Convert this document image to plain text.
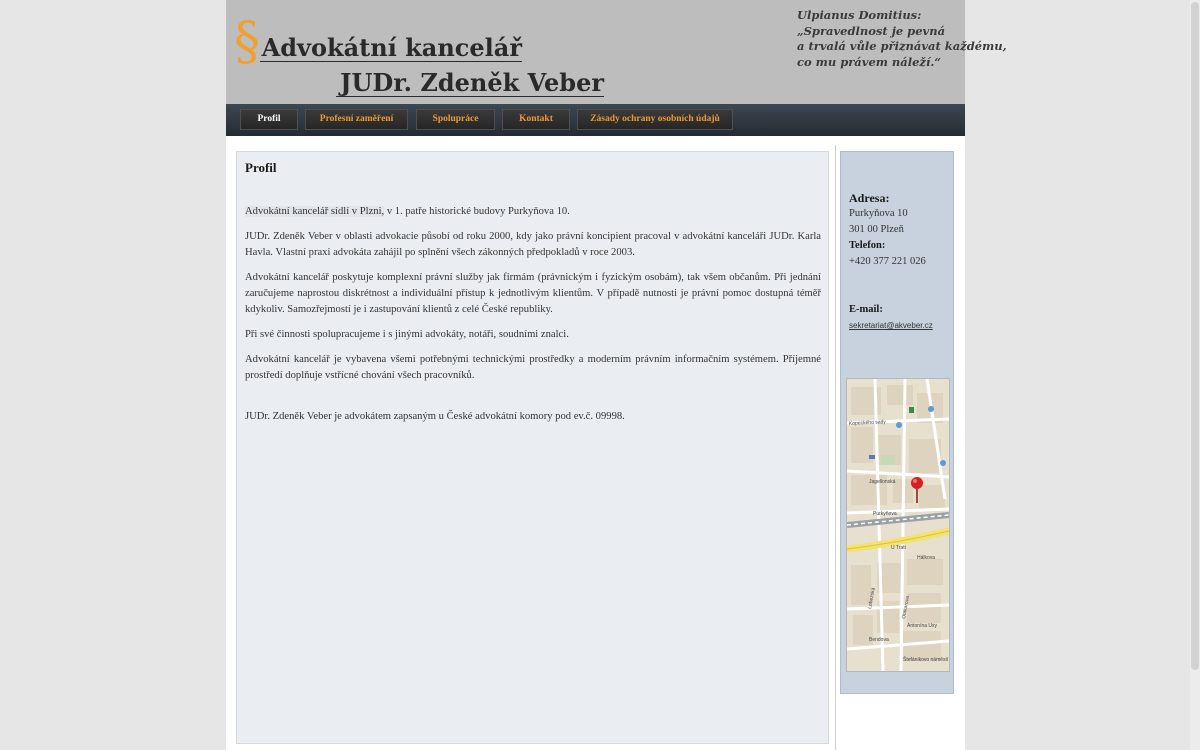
§ Advokátní kancelář
JUDr. Zdeněk Veber
Ulpianus Domitius:
„Spravedlnost je pevná
a trvalá vůle přiznávat každému,
co mu právem náleží.“
Profil	Profesní zaměření	Spolupráce	Kontakt	Zásady ochrany osobních údajů
Profil

Advokátní kancelář sídlí v Plzni, v 1. patře historické budovy Purkyňova 10.

JUDr. Zdeněk Veber v oblasti advokacie působí od roku 2000, kdy jako právní koncipient pracoval v advokátní kanceláři JUDr. Karla Havla. Vlastní praxi advokáta zahájil po splnění všech zákonných předpokladů v roce 2003.

Advokátní kancelář poskytuje komplexní právní služby jak firmám (právnickým i fyzickým osobám), tak všem občanům. Při jednání zaručujeme naprostou diskrétnost a individuální přístup k jednotlivým klientům. V případě nutnosti je právní pomoc dostupná téměř kdykoliv. Samozřejmostí je i zastupování klientů z celé České republiky.

Při své činnosti spolupracujeme i s jinými advokáty, notáři, soudními znalci.

Advokátní kancelář je vybavena všemi potřebnými technickými prostředky a moderním právním informačním systémem. Příjemné prostředí doplňuje vstřícné chování všech pracovníků.

JUDr. Zdeněk Veber je advokátem zapsaným u České advokátní komory pod ev.č. 09998.

Adresa:
Purkyňova 10
301 00 Plzeň
Telefon:
+420 377 221 026
E-mail:
sekretariat@akveber.cz
Kopeckého sady
Jagellonská
Purkyňova
U Trati
Hálkova
Lobezská
Antonína Uxy
Otakarova
Štefánikovo náměstí
Bendova
